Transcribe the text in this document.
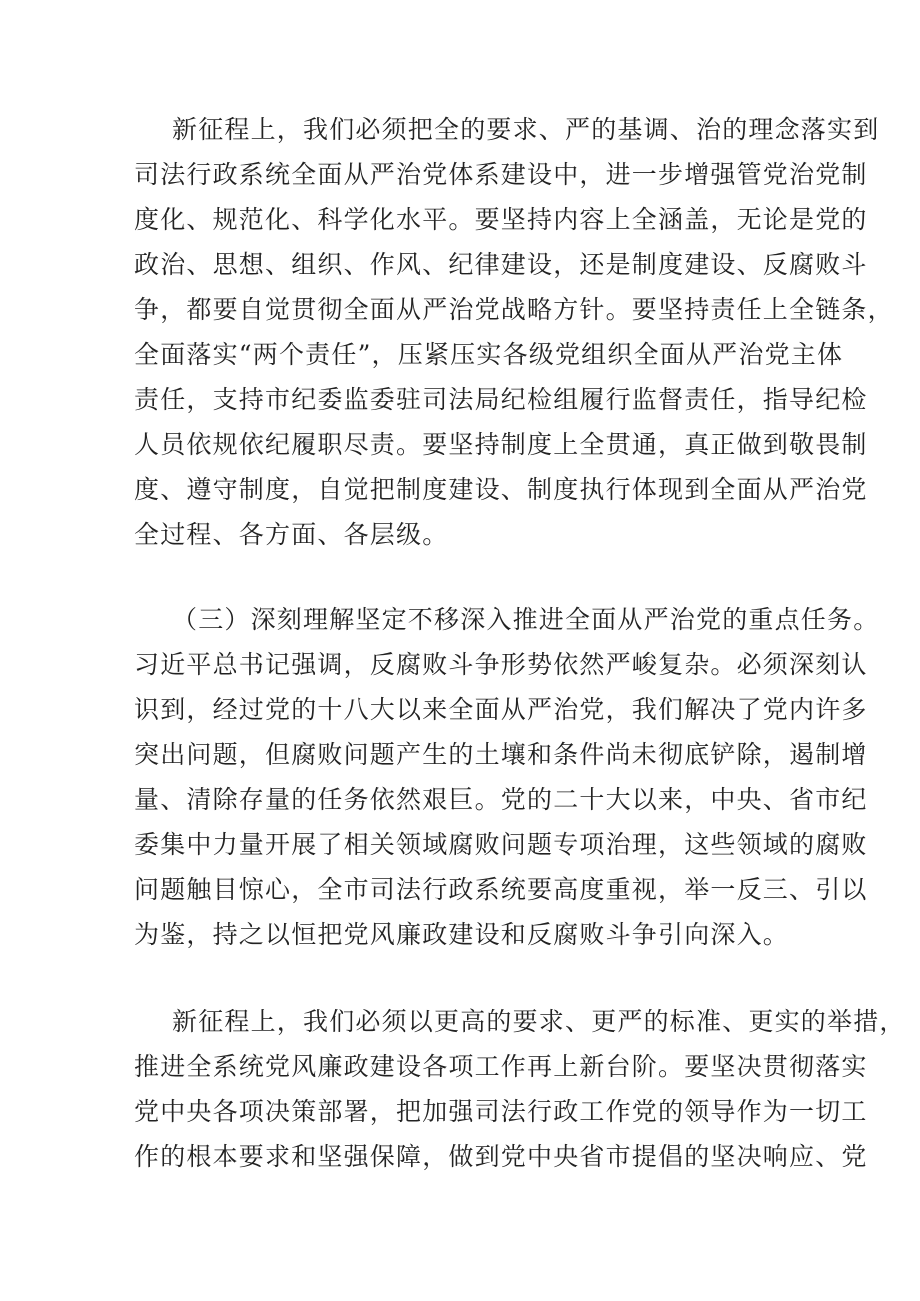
新征程上，我们必须把全的要求、严的基调、治的理念落实到
司法行政系统全面从严治党体系建设中，进一步增强管党治党制
度化、规范化、科学化水平。要坚持内容上全涵盖，无论是党的
政治、思想、组织、作风、纪律建设，还是制度建设、反腐败斗
争，都要自觉贯彻全面从严治党战略方针。要坚持责任上全链条，
全面落实“两个责任”，压紧压实各级党组织全面从严治党主体
责任，支持市纪委监委驻司法局纪检组履行监督责任，指导纪检
人员依规依纪履职尽责。要坚持制度上全贯通，真正做到敬畏制
度、遵守制度，自觉把制度建设、制度执行体现到全面从严治党
全过程、各方面、各层级。
（三）深刻理解坚定不移深入推进全面从严治党的重点任务。
习近平总书记强调，反腐败斗争形势依然严峻复杂。必须深刻认
识到，经过党的十八大以来全面从严治党，我们解决了党内许多
突出问题，但腐败问题产生的土壤和条件尚未彻底铲除，遏制增
量、清除存量的任务依然艰巨。党的二十大以来，中央、省市纪
委集中力量开展了相关领域腐败问题专项治理，这些领域的腐败
问题触目惊心，全市司法行政系统要高度重视，举一反三、引以
为鉴，持之以恒把党风廉政建设和反腐败斗争引向深入。
新征程上，我们必须以更高的要求、更严的标准、更实的举措，
推进全系统党风廉政建设各项工作再上新台阶。要坚决贯彻落实
党中央各项决策部署，把加强司法行政工作党的领导作为一切工
作的根本要求和坚强保障，做到党中央省市提倡的坚决响应、党
